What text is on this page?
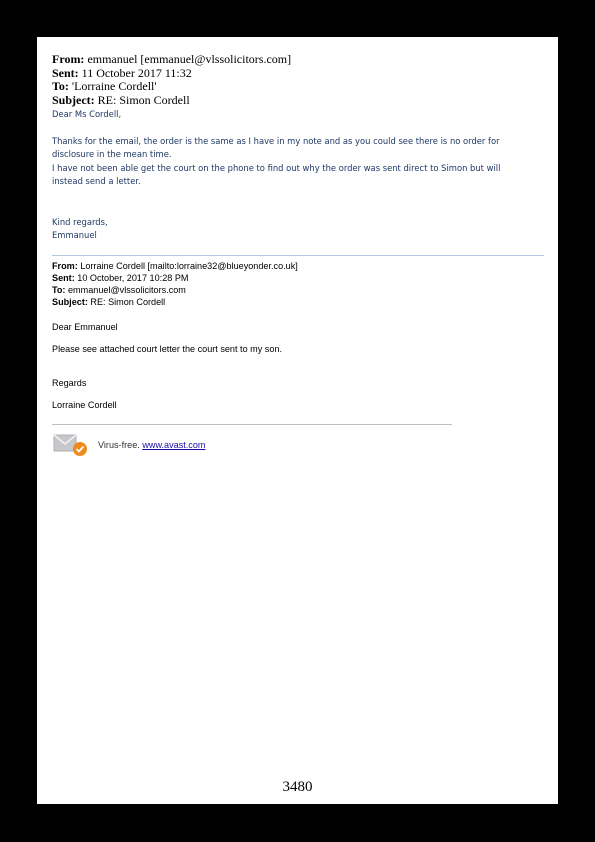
From: emmanuel [emmanuel@vlssolicitors.com]
Sent: 11 October 2017 11:32
To: 'Lorraine Cordell'
Subject: RE: Simon Cordell
Dear Ms Cordell,
Thanks for the email, the order is the same as I have in my note and as you could see there is no order for
disclosure in the mean time.
I have not been able get the court on the phone to find out why the order was sent direct to Simon but will
instead send a letter.
Kind regards,
Emmanuel
From: Lorraine Cordell [mailto:lorraine32@blueyonder.co.uk]
Sent: 10 October, 2017 10:28 PM
To: emmanuel@vlssolicitors.com
Subject: RE: Simon Cordell
Dear Emmanuel
Please see attached court letter the court sent to my son.
Regards
Lorraine Cordell
Virus-free. www.avast.com
3480
